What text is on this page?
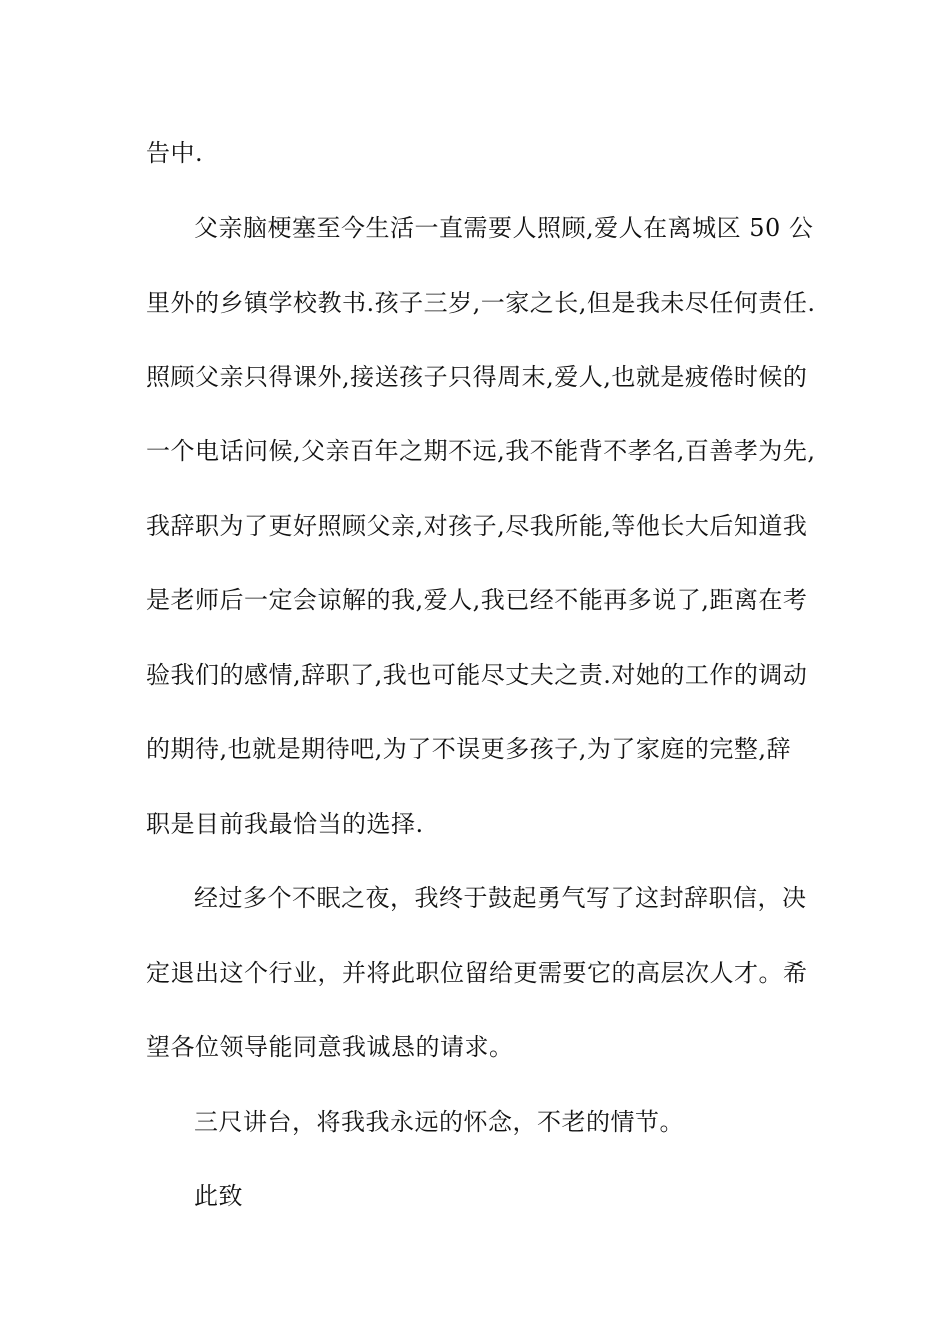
告中.
父亲脑梗塞至今生活一直需要人照顾,爱人在离城区 50 公
里外的乡镇学校教书.孩子三岁,一家之长,但是我未尽任何责任.
照顾父亲只得课外,接送孩子只得周末,爱人,也就是疲倦时候的
一个电话问候,父亲百年之期不远,我不能背不孝名,百善孝为先,
我辞职为了更好照顾父亲,对孩子,尽我所能,等他长大后知道我
是老师后一定会谅解的我,爱人,我已经不能再多说了,距离在考
验我们的感情,辞职了,我也可能尽丈夫之责.对她的工作的调动
的期待,也就是期待吧,为了不误更多孩子,为了家庭的完整,辞
职是目前我最恰当的选择.
经过多个不眠之夜，我终于鼓起勇气写了这封辞职信，决
定退出这个行业，并将此职位留给更需要它的高层次人才。希
望各位领导能同意我诚恳的请求。
三尺讲台，将我我永远的怀念，不老的情节。
此致
